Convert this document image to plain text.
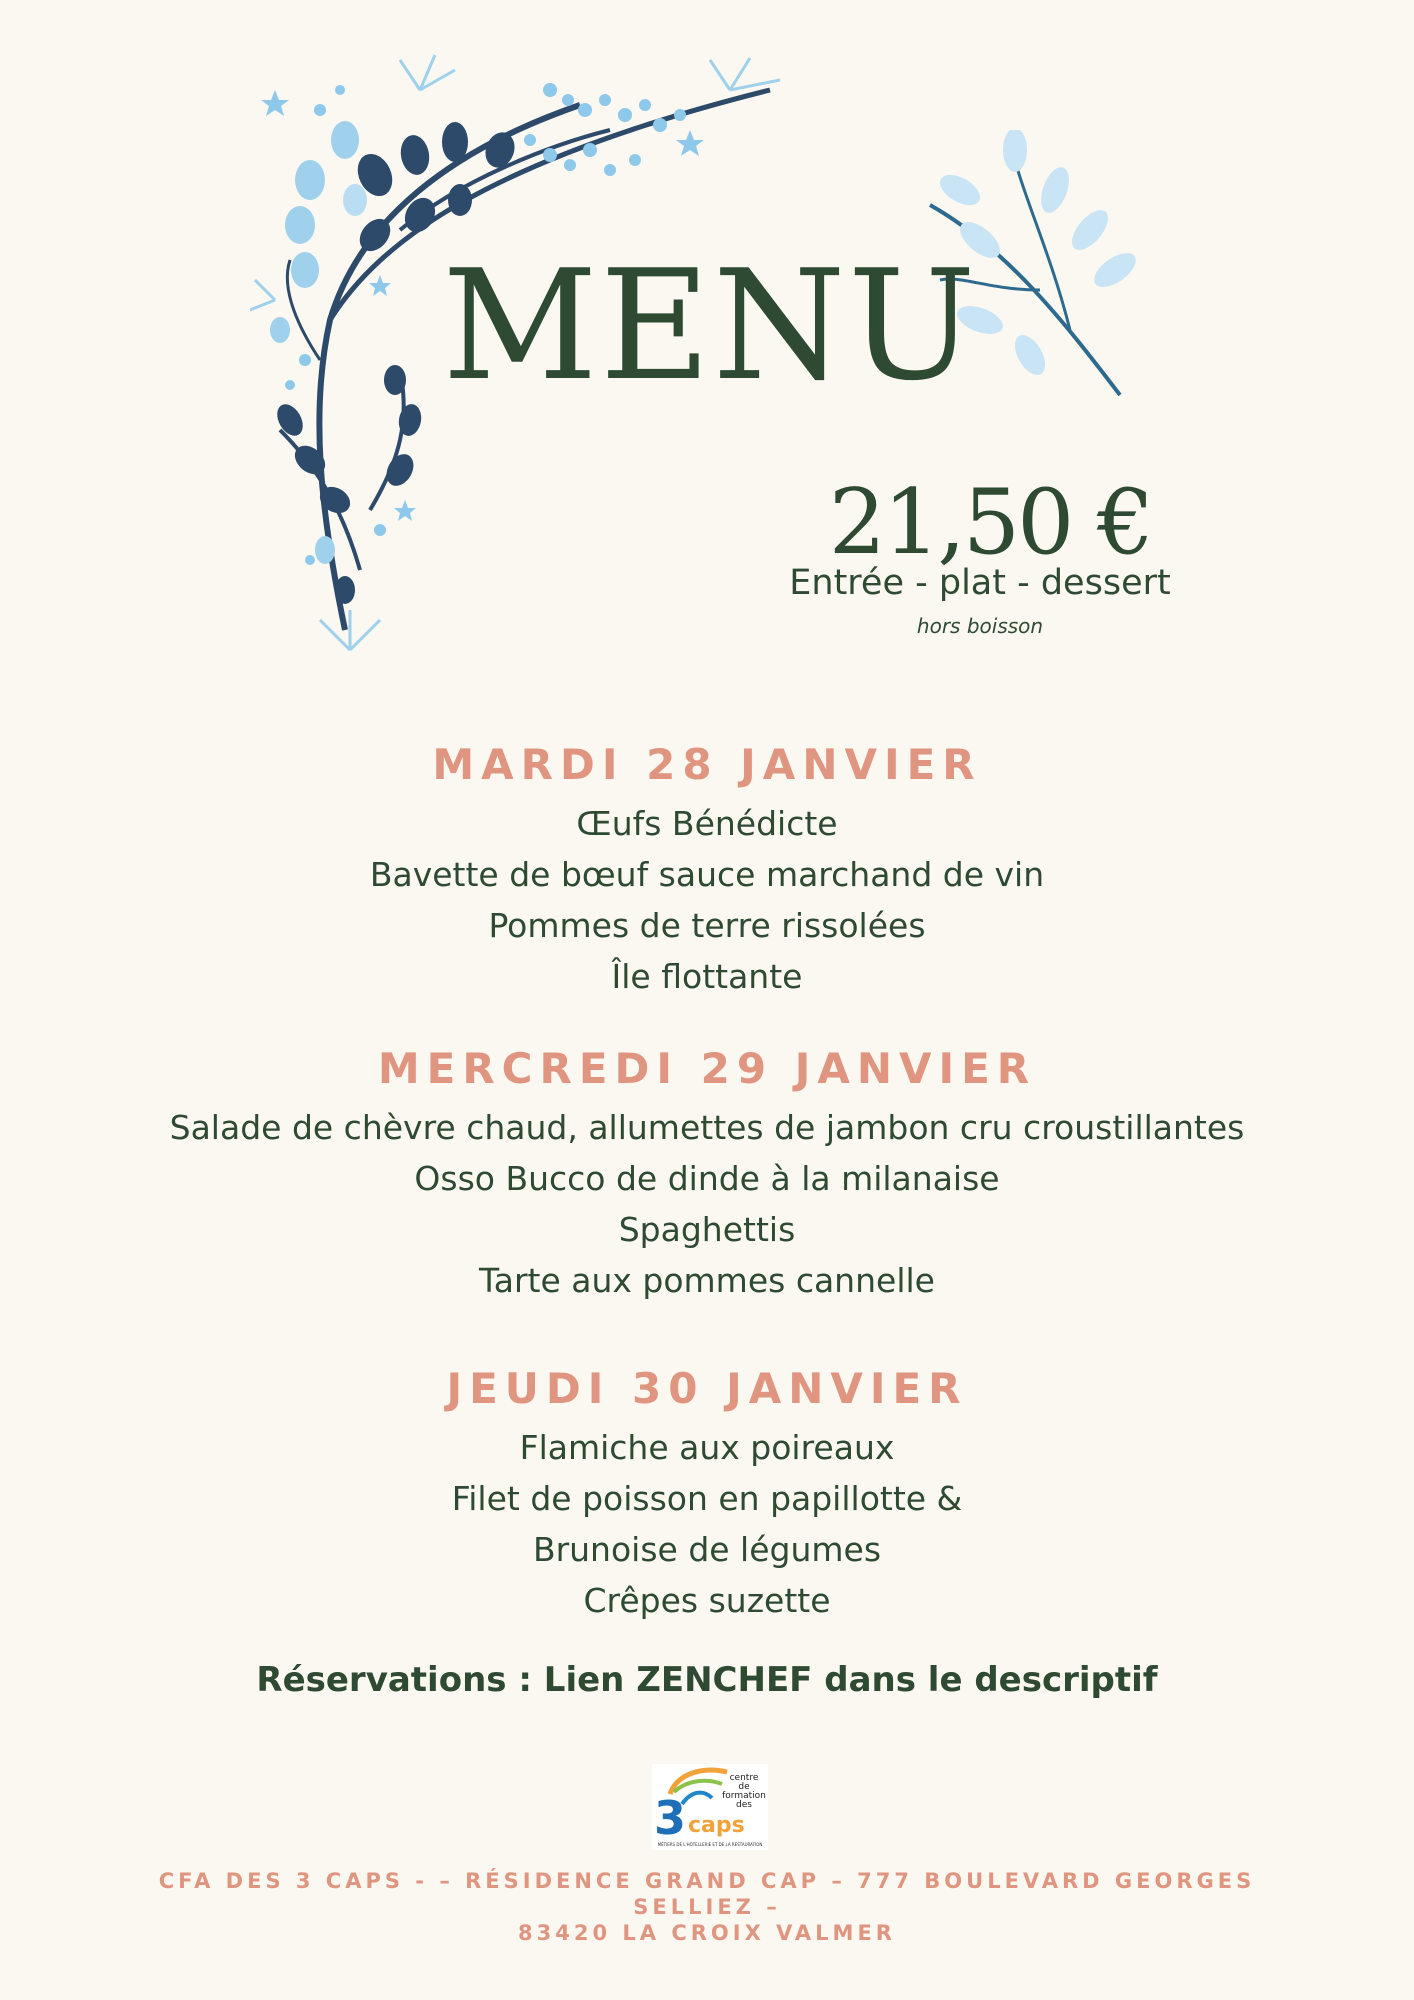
MENU
21,50 €
Entrée - plat - dessert
hors boisson
MARDI 28 JANVIER
Œufs Bénédicte
Bavette de bœuf sauce marchand de vin
Pommes de terre rissolées
Île flottante
MERCREDI 29 JANVIER
Salade de chèvre chaud, allumettes de jambon cru croustillantes
Osso Bucco de dinde à la milanaise
Spaghettis
Tarte aux pommes cannelle
JEUDI 30 JANVIER
Flamiche aux poireaux
Filet de poisson en papillotte &
Brunoise de légumes
Crêpes suzette
Réservations : Lien ZENCHEF dans le descriptif
3 caps
centre
de
formation
des
MÉTIERS DE L'HÔTELLERIE ET DE LA RESTAURATION
CFA DES 3 CAPS - – RÉSIDENCE GRAND CAP – 777 BOULEVARD GEORGES SELLIEZ –
83420 LA CROIX VALMER
